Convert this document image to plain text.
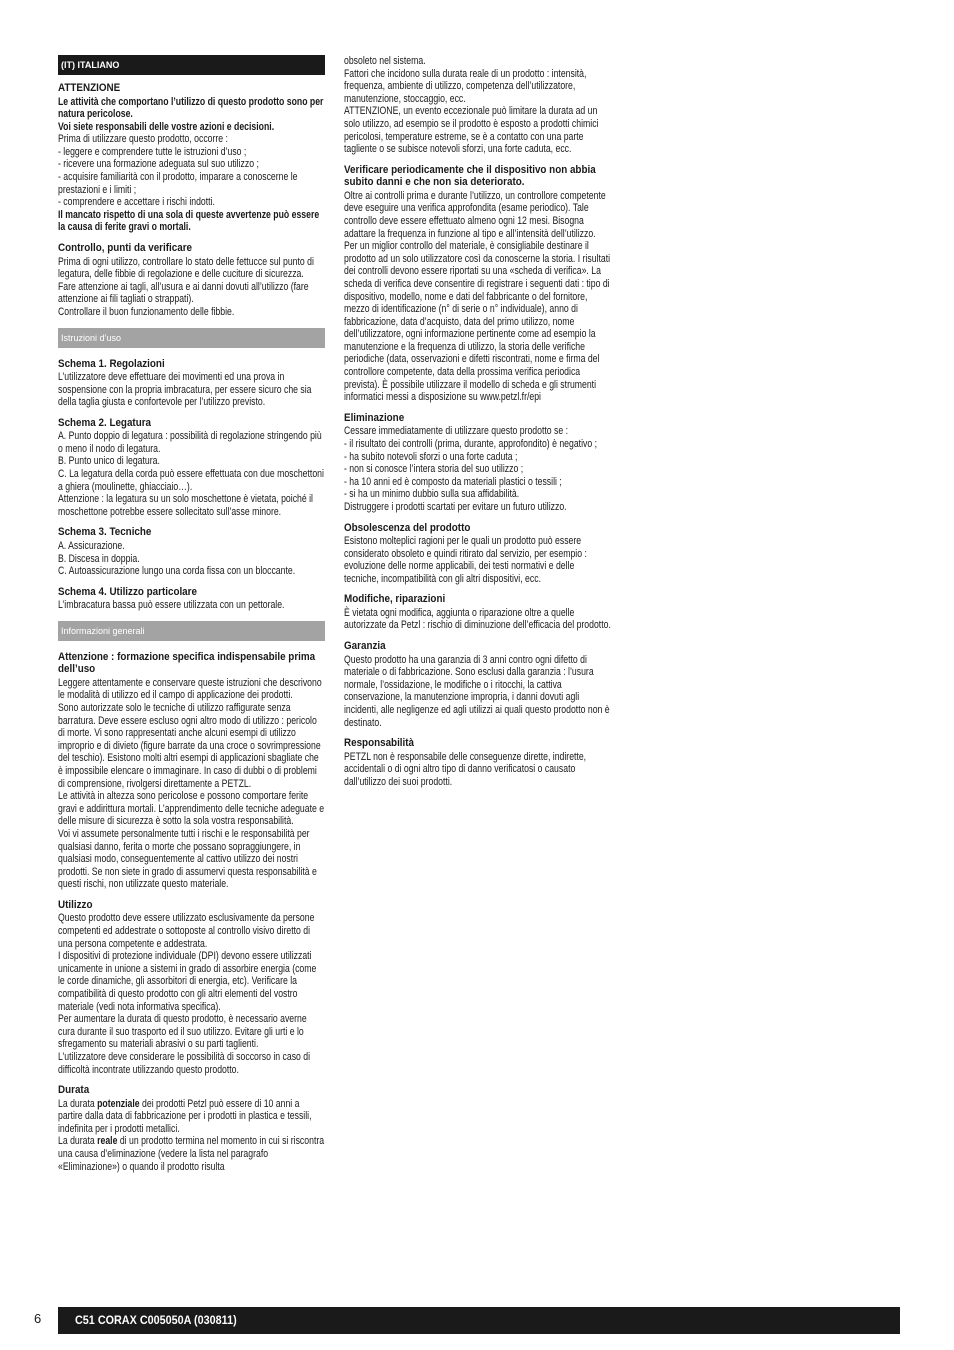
(IT) ITALIANO
ATTENZIONE
Le attività che comportano l’utilizzo di questo prodotto sono per natura pericolose.
Voi siete responsabili delle vostre azioni e decisioni.
Prima di utilizzare questo prodotto, occorre :
- leggere e comprendere tutte le istruzioni d’uso ;
- ricevere una formazione adeguata sul suo utilizzo ;
- acquisire familiarità con il prodotto, imparare a conoscerne le prestazioni e i limiti ;
- comprendere e accettare i rischi indotti.
Il mancato rispetto di una sola di queste avvertenze può essere la causa di ferite gravi o mortali.
Controllo, punti da verificare
Prima di ogni utilizzo, controllare lo stato delle fettucce sul punto di legatura, delle fibbie di regolazione e delle cuciture di sicurezza.
Fare attenzione ai tagli, all’usura e ai danni dovuti all’utilizzo (fare attenzione ai fili tagliati o strappati).
Controllare il buon funzionamento delle fibbie.
Istruzioni d’uso
Schema 1. Regolazioni
L’utilizzatore deve effettuare dei movimenti ed una prova in sospensione con la propria imbracatura, per essere sicuro che sia della taglia giusta e confortevole per l’utilizzo previsto.
Schema 2. Legatura
A. Punto doppio di legatura : possibilità di regolazione stringendo più o meno il nodo di legatura.
B. Punto unico di legatura.
C. La legatura della corda può essere effettuata con due moschettoni a ghiera (moulinette, ghiacciaio…).
Attenzione : la legatura su un solo moschettone è vietata, poiché il moschettone potrebbe essere sollecitato sull’asse minore.
Schema 3. Tecniche
A. Assicurazione.
B. Discesa in doppia.
C. Autoassicurazione lungo una corda fissa con un bloccante.
Schema 4. Utilizzo particolare
L’imbracatura bassa può essere utilizzata con un pettorale.
Informazioni generali
Attenzione : formazione specifica indispensabile prima dell’uso
Leggere attentamente e conservare queste istruzioni che descrivono le modalità di utilizzo ed il campo di applicazione dei prodotti.
Sono autorizzate solo le tecniche di utilizzo raffigurate senza barratura. Deve essere escluso ogni altro modo di utilizzo : pericolo di morte. Vi sono rappresentati anche alcuni esempi di utilizzo improprio e di divieto (figure barrate da una croce o sovrimpressione del teschio). Esistono molti altri esempi di applicazioni sbagliate che è impossibile elencare o immaginare. In caso di dubbi o di problemi di comprensione, rivolgersi direttamente a PETZL.
Le attività in altezza sono pericolose e possono comportare ferite gravi e addirittura mortali. L’apprendimento delle tecniche adeguate e delle misure di sicurezza è sotto la sola vostra responsabilità.
Voi vi assumete personalmente tutti i rischi e le responsabilità per qualsiasi danno, ferita o morte che possano sopraggiungere, in qualsiasi modo, conseguentemente al cattivo utilizzo dei nostri prodotti. Se non siete in grado di assumervi questa responsabilità e questi rischi, non utilizzate questo materiale.
Utilizzo
Questo prodotto deve essere utilizzato esclusivamente da persone competenti ed addestrate o sottoposte al controllo visivo diretto di una persona competente e addestrata.
I dispositivi di protezione individuale (DPI) devono essere utilizzati unicamente in unione a sistemi in grado di assorbire energia (come le corde dinamiche, gli assorbitori di energia, etc). Verificare la compatibilità di questo prodotto con gli altri elementi del vostro materiale (vedi nota informativa specifica).
Per aumentare la durata di questo prodotto, è necessario averne cura durante il suo trasporto ed il suo utilizzo. Evitare gli urti e lo sfregamento su materiali abrasivi o su parti taglienti.
L’utilizzatore deve considerare le possibilità di soccorso in caso di difficoltà incontrate utilizzando questo prodotto.
Durata
La durata potenziale dei prodotti Petzl può essere di 10 anni a partire dalla data di fabbricazione per i prodotti in plastica e tessili, indefinita per i prodotti metallici.
La durata reale di un prodotto termina nel momento in cui si riscontra una causa d’eliminazione (vedere la lista nel paragrafo «Eliminazione») o quando il prodotto risulta
obsoleto nel sistema.
Fattori che incidono sulla durata reale di un prodotto : intensità, frequenza, ambiente di utilizzo, competenza dell’utilizzatore, manutenzione, stoccaggio, ecc.
ATTENZIONE, un evento eccezionale può limitare la durata ad un solo utilizzo, ad esempio se il prodotto è esposto a prodotti chimici pericolosi, temperature estreme, se è a contatto con una parte tagliente o se subisce notevoli sforzi, una forte caduta, ecc.
Verificare periodicamente che il dispositivo non abbia subito danni e che non sia deteriorato.
Oltre ai controlli prima e durante l’utilizzo, un controllore competente deve eseguire una verifica approfondita (esame periodico). Tale controllo deve essere effettuato almeno ogni 12 mesi. Bisogna adattare la frequenza in funzione al tipo e all’intensità dell’utilizzo. Per un miglior controllo del materiale, è consigliabile destinare il prodotto ad un solo utilizzatore così da conoscerne la storia. I risultati dei controlli devono essere riportati su una «scheda di verifica». La scheda di verifica deve consentire di registrare i seguenti dati : tipo di dispositivo, modello, nome e dati del fabbricante o del fornitore, mezzo di identificazione (n° di serie o n° individuale), anno di fabbricazione, data d’acquisto, data del primo utilizzo, nome dell’utilizzatore, ogni informazione pertinente come ad esempio la manutenzione e la frequenza di utilizzo, la storia delle verifiche periodiche (data, osservazioni e difetti riscontrati, nome e firma del controllore competente, data della prossima verifica periodica prevista). È possibile utilizzare il modello di scheda e gli strumenti informatici messi a disposizione su www.petzl.fr/epi
Eliminazione
Cessare immediatamente di utilizzare questo prodotto se :
- il risultato dei controlli (prima, durante, approfondito) è negativo ;
- ha subito notevoli sforzi o una forte caduta ;
- non si conosce l’intera storia del suo utilizzo ;
- ha 10 anni ed è composto da materiali plastici o tessili ;
- si ha un minimo dubbio sulla sua affidabilità.
Distruggere i prodotti scartati per evitare un futuro utilizzo.
Obsolescenza del prodotto
Esistono molteplici ragioni per le quali un prodotto può essere considerato obsoleto e quindi ritirato dal servizio, per esempio : evoluzione delle norme applicabili, dei testi normativi e delle tecniche, incompatibilità con gli altri dispositivi, ecc.
Modifiche, riparazioni
È vietata ogni modifica, aggiunta o riparazione oltre a quelle autorizzate da Petzl : rischio di diminuzione dell’efficacia del prodotto.
Garanzia
Questo prodotto ha una garanzia di 3 anni contro ogni difetto di materiale o di fabbricazione. Sono esclusi dalla garanzia : l’usura normale, l’ossidazione, le modifiche o i ritocchi, la cattiva conservazione, la manutenzione impropria, i danni dovuti agli incidenti, alle negligenze ed agli utilizzi ai quali questo prodotto non è destinato.
Responsabilità
PETZL non è responsabile delle conseguenze dirette, indirette, accidentali o di ogni altro tipo di danno verificatosi o causato dall’utilizzo dei suoi prodotti.
6	C51 CORAX C005050A (030811)
